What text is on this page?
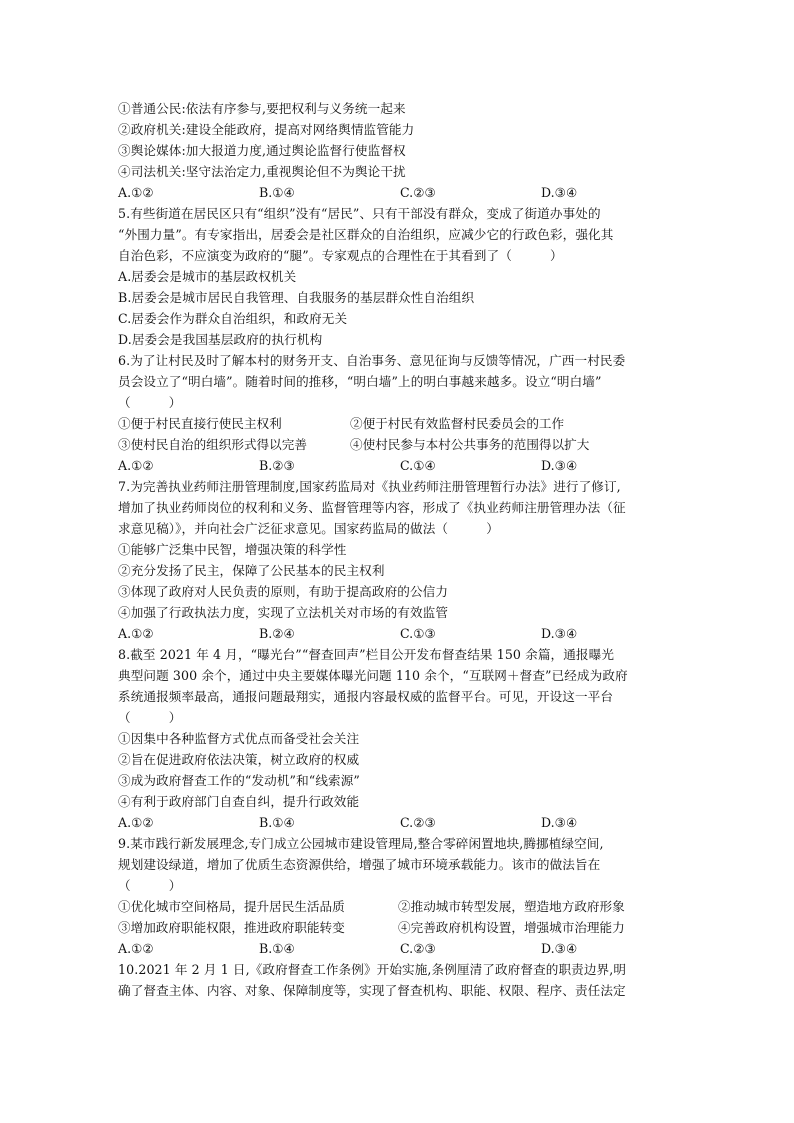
①普通公民:依法有序参与,要把权利与义务统一起来
②政府机关:建设全能政府，提高对网络舆情监管能力
③舆论媒体:加大报道力度,通过舆论监督行使监督权
④司法机关:坚守法治定力,重视舆论但不为舆论干扰
A.①②	B.①④	C.②③	D.③④
5.有些街道在居民区只有“组织”没有“居民”、只有干部没有群众，变成了街道办事处的
“外围力量”。有专家指出，居委会是社区群众的自治组织，应减少它的行政色彩，强化其
自治色彩，不应演变为政府的“腿”。专家观点的合理性在于其看到了（　　　）
A.居委会是城市的基层政权机关
B.居委会是城市居民自我管理、自我服务的基层群众性自治组织
C.居委会作为群众自治组织，和政府无关
D.居委会是我国基层政府的执行机构
6.为了让村民及时了解本村的财务开支、自治事务、意见征询与反馈等情况，广西一村民委
员会设立了“明白墙”。随着时间的推移，“明白墙”上的明白事越来越多。设立“明白墙”
（　　　）
①便于村民直接行使民主权利	②便于村民有效监督村民委员会的工作
③使村民自治的组织形式得以完善	④使村民参与本村公共事务的范围得以扩大
A.①②	B.②③	C.①④	D.③④
7.为完善执业药师注册管理制度,国家药监局对《执业药师注册管理暂行办法》进行了修订,
增加了执业药师岗位的权利和义务、监督管理等内容，形成了《执业药师注册管理办法（征
求意见稿）》，并向社会广泛征求意见。国家药监局的做法（　　　）
①能够广泛集中民智，增强决策的科学性
②充分发扬了民主，保障了公民基本的民主权利
③体现了政府对人民负责的原则，有助于提高政府的公信力
④加强了行政执法力度，实现了立法机关对市场的有效监管
A.①②	B.②④	C.①③	D.③④
8.截至 2021 年 4 月，“曝光台”“督查回声”栏目公开发布督查结果 150 余篇，通报曝光
典型问题 300 余个，通过中央主要媒体曝光问题 110 余个，“互联网＋督查”已经成为政府
系统通报频率最高，通报问题最翔实，通报内容最权威的监督平台。可见，开设这一平台
（　　　）
①因集中各种监督方式优点而备受社会关注
②旨在促进政府依法决策，树立政府的权威
③成为政府督查工作的“发动机”和“线索源”
④有利于政府部门自查自纠，提升行政效能
A.①②	B.①④	C.②③	D.③④
9.某市践行新发展理念,专门成立公园城市建设管理局,整合零碎闲置地块,腾挪植绿空间,
规划建设绿道，增加了优质生态资源供给，增强了城市环境承载能力。该市的做法旨在
（　　　）
①优化城市空间格局，提升居民生活品质	②推动城市转型发展，塑造地方政府形象
③增加政府职能权限，推进政府职能转变	④完善政府机构设置，增强城市治理能力
A.①②	B.①④	C.②③	D.③④
10.2021 年 2 月 1 日,《政府督查工作条例》开始实施,条例厘清了政府督查的职责边界,明
确了督查主体、内容、对象、保障制度等，实现了督查机构、职能、权限、程序、责任法定
